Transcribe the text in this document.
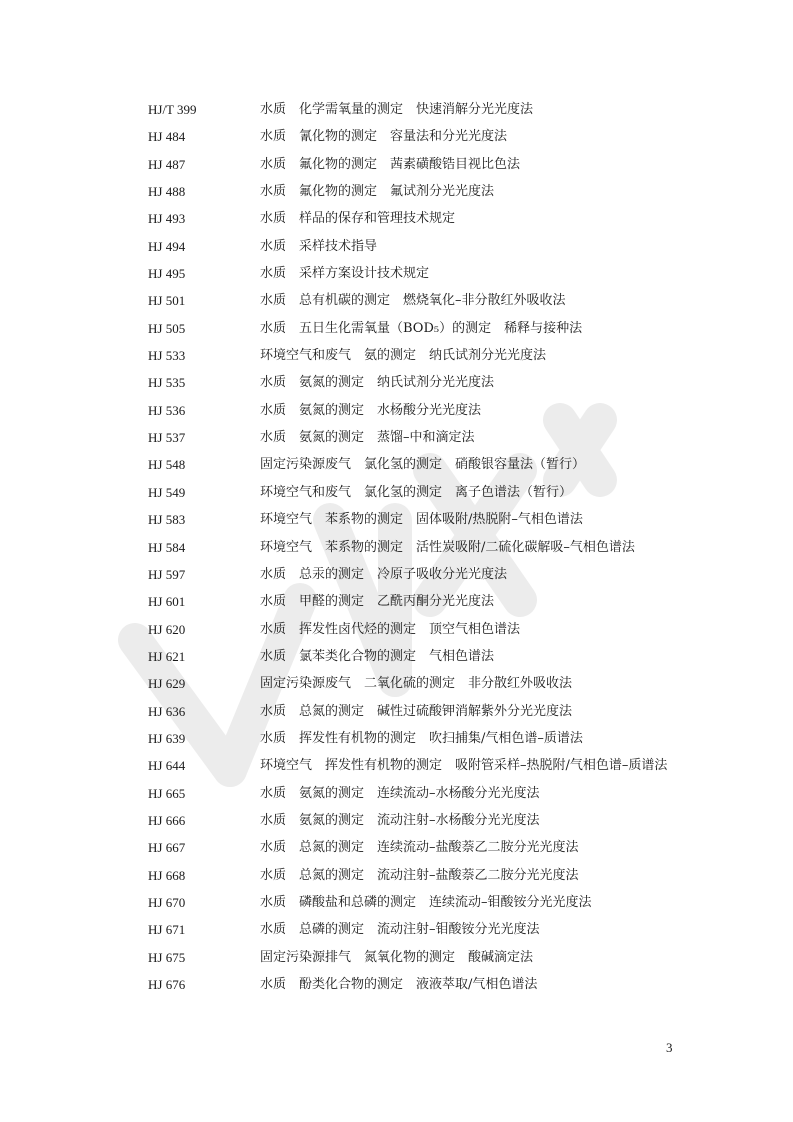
HJ/T 399	水质　化学需氧量的测定　快速消解分光光度法
HJ 484	水质　氰化物的测定　容量法和分光光度法
HJ 487	水质　氟化物的测定　茜素磺酸锆目视比色法
HJ 488	水质　氟化物的测定　氟试剂分光光度法
HJ 493	水质　样品的保存和管理技术规定
HJ 494	水质　采样技术指导
HJ 495	水质　采样方案设计技术规定
HJ 501	水质　总有机碳的测定　燃烧氧化–非分散红外吸收法
HJ 505	水质　五日生化需氧量（BOD₅）的测定　稀释与接种法
HJ 533	环境空气和废气　氨的测定　纳氏试剂分光光度法
HJ 535	水质　氨氮的测定　纳氏试剂分光光度法
HJ 536	水质　氨氮的测定　水杨酸分光光度法
HJ 537	水质　氨氮的测定　蒸馏–中和滴定法
HJ 548	固定污染源废气　氯化氢的测定　硝酸银容量法（暂行）
HJ 549	环境空气和废气　氯化氢的测定　离子色谱法（暂行）
HJ 583	环境空气　苯系物的测定　固体吸附/热脱附–气相色谱法
HJ 584	环境空气　苯系物的测定　活性炭吸附/二硫化碳解吸–气相色谱法
HJ 597	水质　总汞的测定　冷原子吸收分光光度法
HJ 601	水质　甲醛的测定　乙酰丙酮分光光度法
HJ 620	水质　挥发性卤代烃的测定　顶空气相色谱法
HJ 621	水质　氯苯类化合物的测定　气相色谱法
HJ 629	固定污染源废气　二氧化硫的测定　非分散红外吸收法
HJ 636	水质　总氮的测定　碱性过硫酸钾消解紫外分光光度法
HJ 639	水质　挥发性有机物的测定　吹扫捕集/气相色谱–质谱法
HJ 644	环境空气　挥发性有机物的测定　吸附管采样–热脱附/气相色谱–质谱法
HJ 665	水质　氨氮的测定　连续流动–水杨酸分光光度法
HJ 666	水质　氨氮的测定　流动注射–水杨酸分光光度法
HJ 667	水质　总氮的测定　连续流动–盐酸萘乙二胺分光光度法
HJ 668	水质　总氮的测定　流动注射–盐酸萘乙二胺分光光度法
HJ 670	水质　磷酸盐和总磷的测定　连续流动–钼酸铵分光光度法
HJ 671	水质　总磷的测定　流动注射–钼酸铵分光光度法
HJ 675	固定污染源排气　氮氧化物的测定　酸碱滴定法
HJ 676	水质　酚类化合物的测定　液液萃取/气相色谱法
3
